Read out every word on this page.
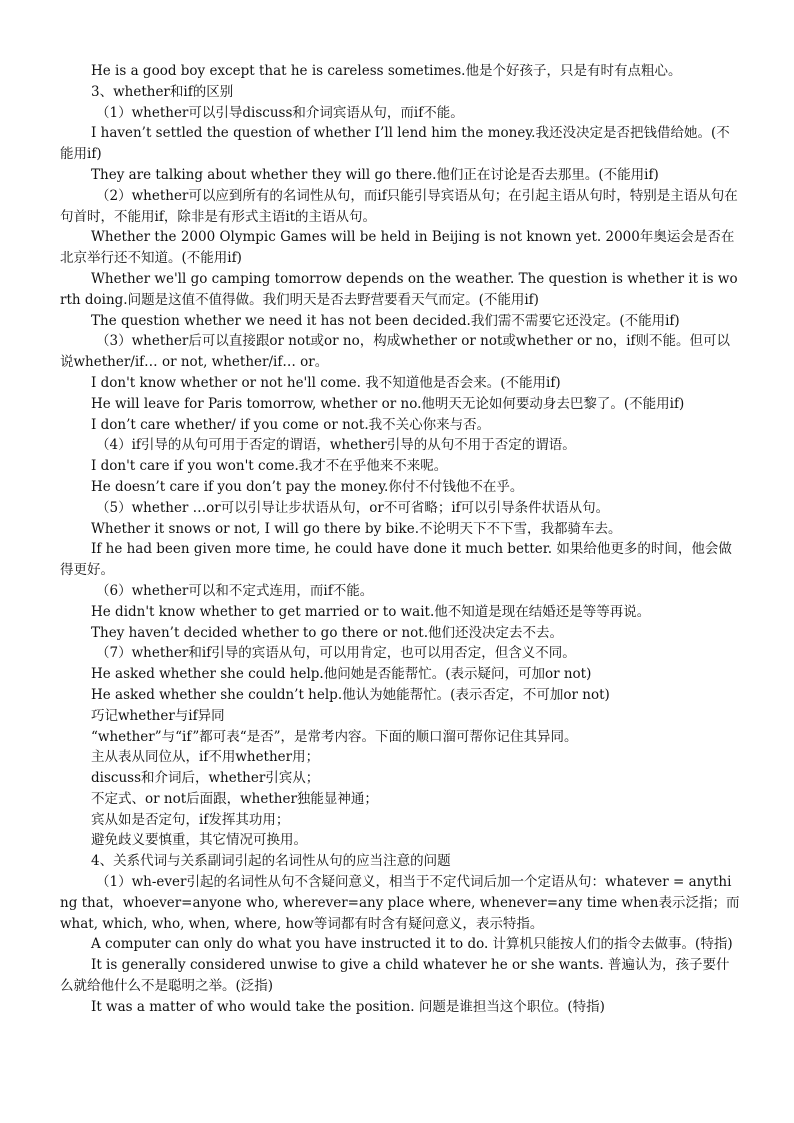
He is a good boy except that he is careless sometimes.他是个好孩子，只是有时有点粗心。

3、whether和if的区别

（1）whether可以引导discuss和介词宾语从句，而if不能。

I haven’t settled the question of whether I’ll lend him the money.我还没决定是否把钱借给她。(不能用if)

They are talking about whether they will go there.他们正在讨论是否去那里。(不能用if)

（2）whether可以应到所有的名词性从句，而if只能引导宾语从句；在引起主语从句时，特别是主语从句在句首时，不能用if，除非是有形式主语it的主语从句。

Whether the 2000 Olympic Games will be held in Beijing is not known yet. 2000年奥运会是否在北京举行还不知道。(不能用if)

Whether we'll go camping tomorrow depends on the weather. The question is whether it is worth doing.问题是这值不值得做。我们明天是否去野营要看天气而定。(不能用if)

The question whether we need it has not been decided.我们需不需要它还没定。(不能用if)

（3）whether后可以直接跟or not或or no，构成whether or not或whether or no，if则不能。但可以说whether/if… or not, whether/if… or。

I don't know whether or not he'll come. 我不知道他是否会来。(不能用if)

He will leave for Paris tomorrow, whether or no.他明天无论如何要动身去巴黎了。(不能用if)

I don’t care whether/ if you come or not.我不关心你来与否。

（4）if引导的从句可用于否定的谓语，whether引导的从句不用于否定的谓语。

I don't care if you won't come.我才不在乎他来不来呢。

He doesn’t care if you don’t pay the money.你付不付钱他不在乎。

（5）whether …or可以引导让步状语从句，or不可省略；if可以引导条件状语从句。

Whether it snows or not, I will go there by bike.不论明天下不下雪，我都骑车去。

If he had been given more time, he could have done it much better. 如果给他更多的时间，他会做得更好。

（6）whether可以和不定式连用，而if不能。

He didn't know whether to get married or to wait.他不知道是现在结婚还是等等再说。

They haven’t decided whether to go there or not.他们还没决定去不去。

（7）whether和if引导的宾语从句，可以用肯定，也可以用否定，但含义不同。

He asked whether she could help.他问她是否能帮忙。(表示疑问，可加or not)

He asked whether she couldn’t help.他认为她能帮忙。(表示否定，不可加or not)

巧记whether与if异同

“whether”与“if”都可表“是否”，是常考内容。下面的顺口溜可帮你记住其异同。

主从表从同位从，if不用whether用；

discuss和介词后，whether引宾从；

不定式、or not后面跟，whether独能显神通；

宾从如是否定句，if发挥其功用；

避免歧义要慎重，其它情况可换用。

4、关系代词与关系副词引起的名词性从句的应当注意的问题

（1）wh-ever引起的名词性从句不含疑问意义，相当于不定代词后加一个定语从句：whatever = anything that，whoever=anyone who, wherever=any place where, whenever=any time when表示泛指；而what, which, who, when, where, how等词都有时含有疑问意义，表示特指。

A computer can only do what you have instructed it to do. 计算机只能按人们的指令去做事。(特指)

It is generally considered unwise to give a child whatever he or she wants. 普遍认为，孩子要什么就给他什么不是聪明之举。(泛指)

It was a matter of who would take the position. 问题是谁担当这个职位。(特指)
